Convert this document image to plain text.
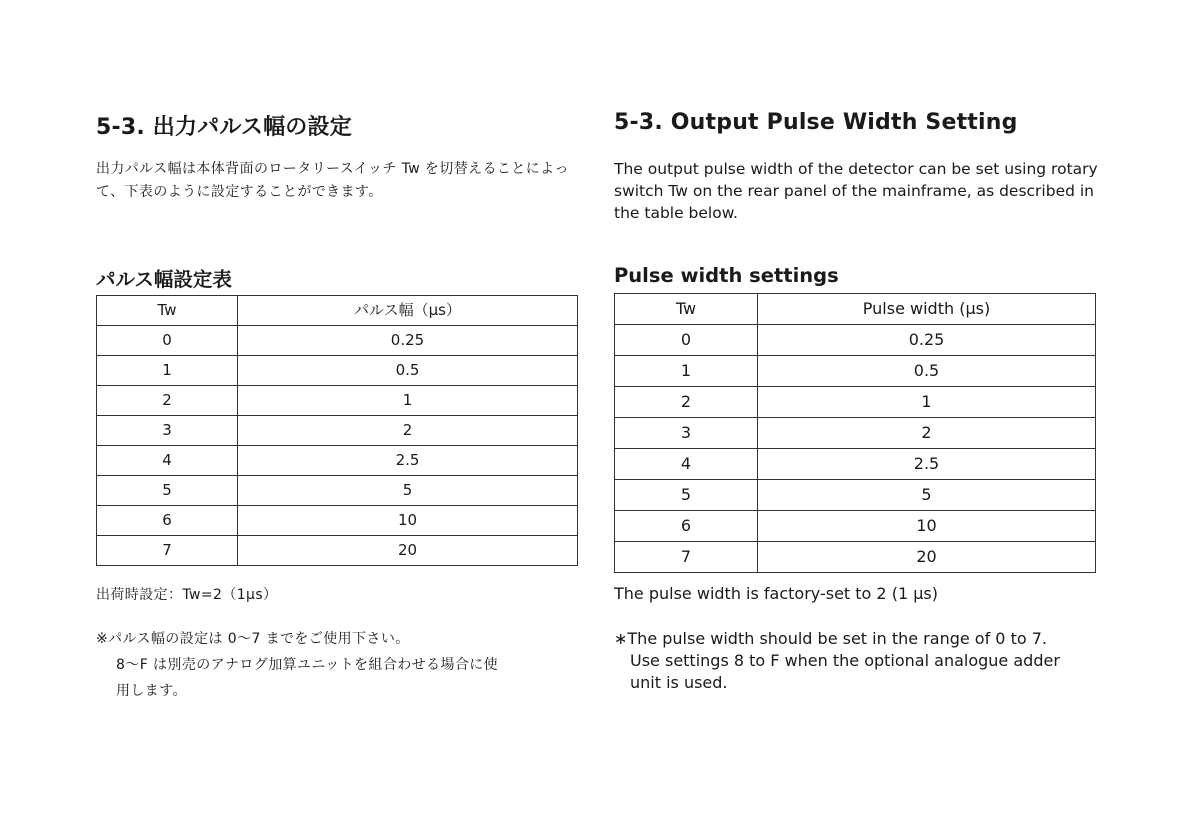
5-3. 出力パルス幅の設定
出力パルス幅は本体背面のロータリースイッチ Tw を切替えることによって、下表のように設定することができます。
パルス幅設定表
Tw	パルス幅（μs）
0	0.25
1	0.5
2	1
3	2
4	2.5
5	5
6	10
7	20
出荷時設定：Tw=2（1μs）
※パルス幅の設定は 0〜7 までをご使用下さい。
8〜F は別売のアナログ加算ユニットを組合わせる場合に使
用します。
5-3. Output Pulse Width Setting
The output pulse width of the detector can be set using rotary switch Tw on the rear panel of the mainframe, as described in the table below.
Pulse width settings
Tw	Pulse width (μs)
0	0.25
1	0.5
2	1
3	2
4	2.5
5	5
6	10
7	20
The pulse width is factory-set to 2 (1 μs)
∗The pulse width should be set in the range of 0 to 7.
Use settings 8 to F when the optional analogue adder
unit is used.
